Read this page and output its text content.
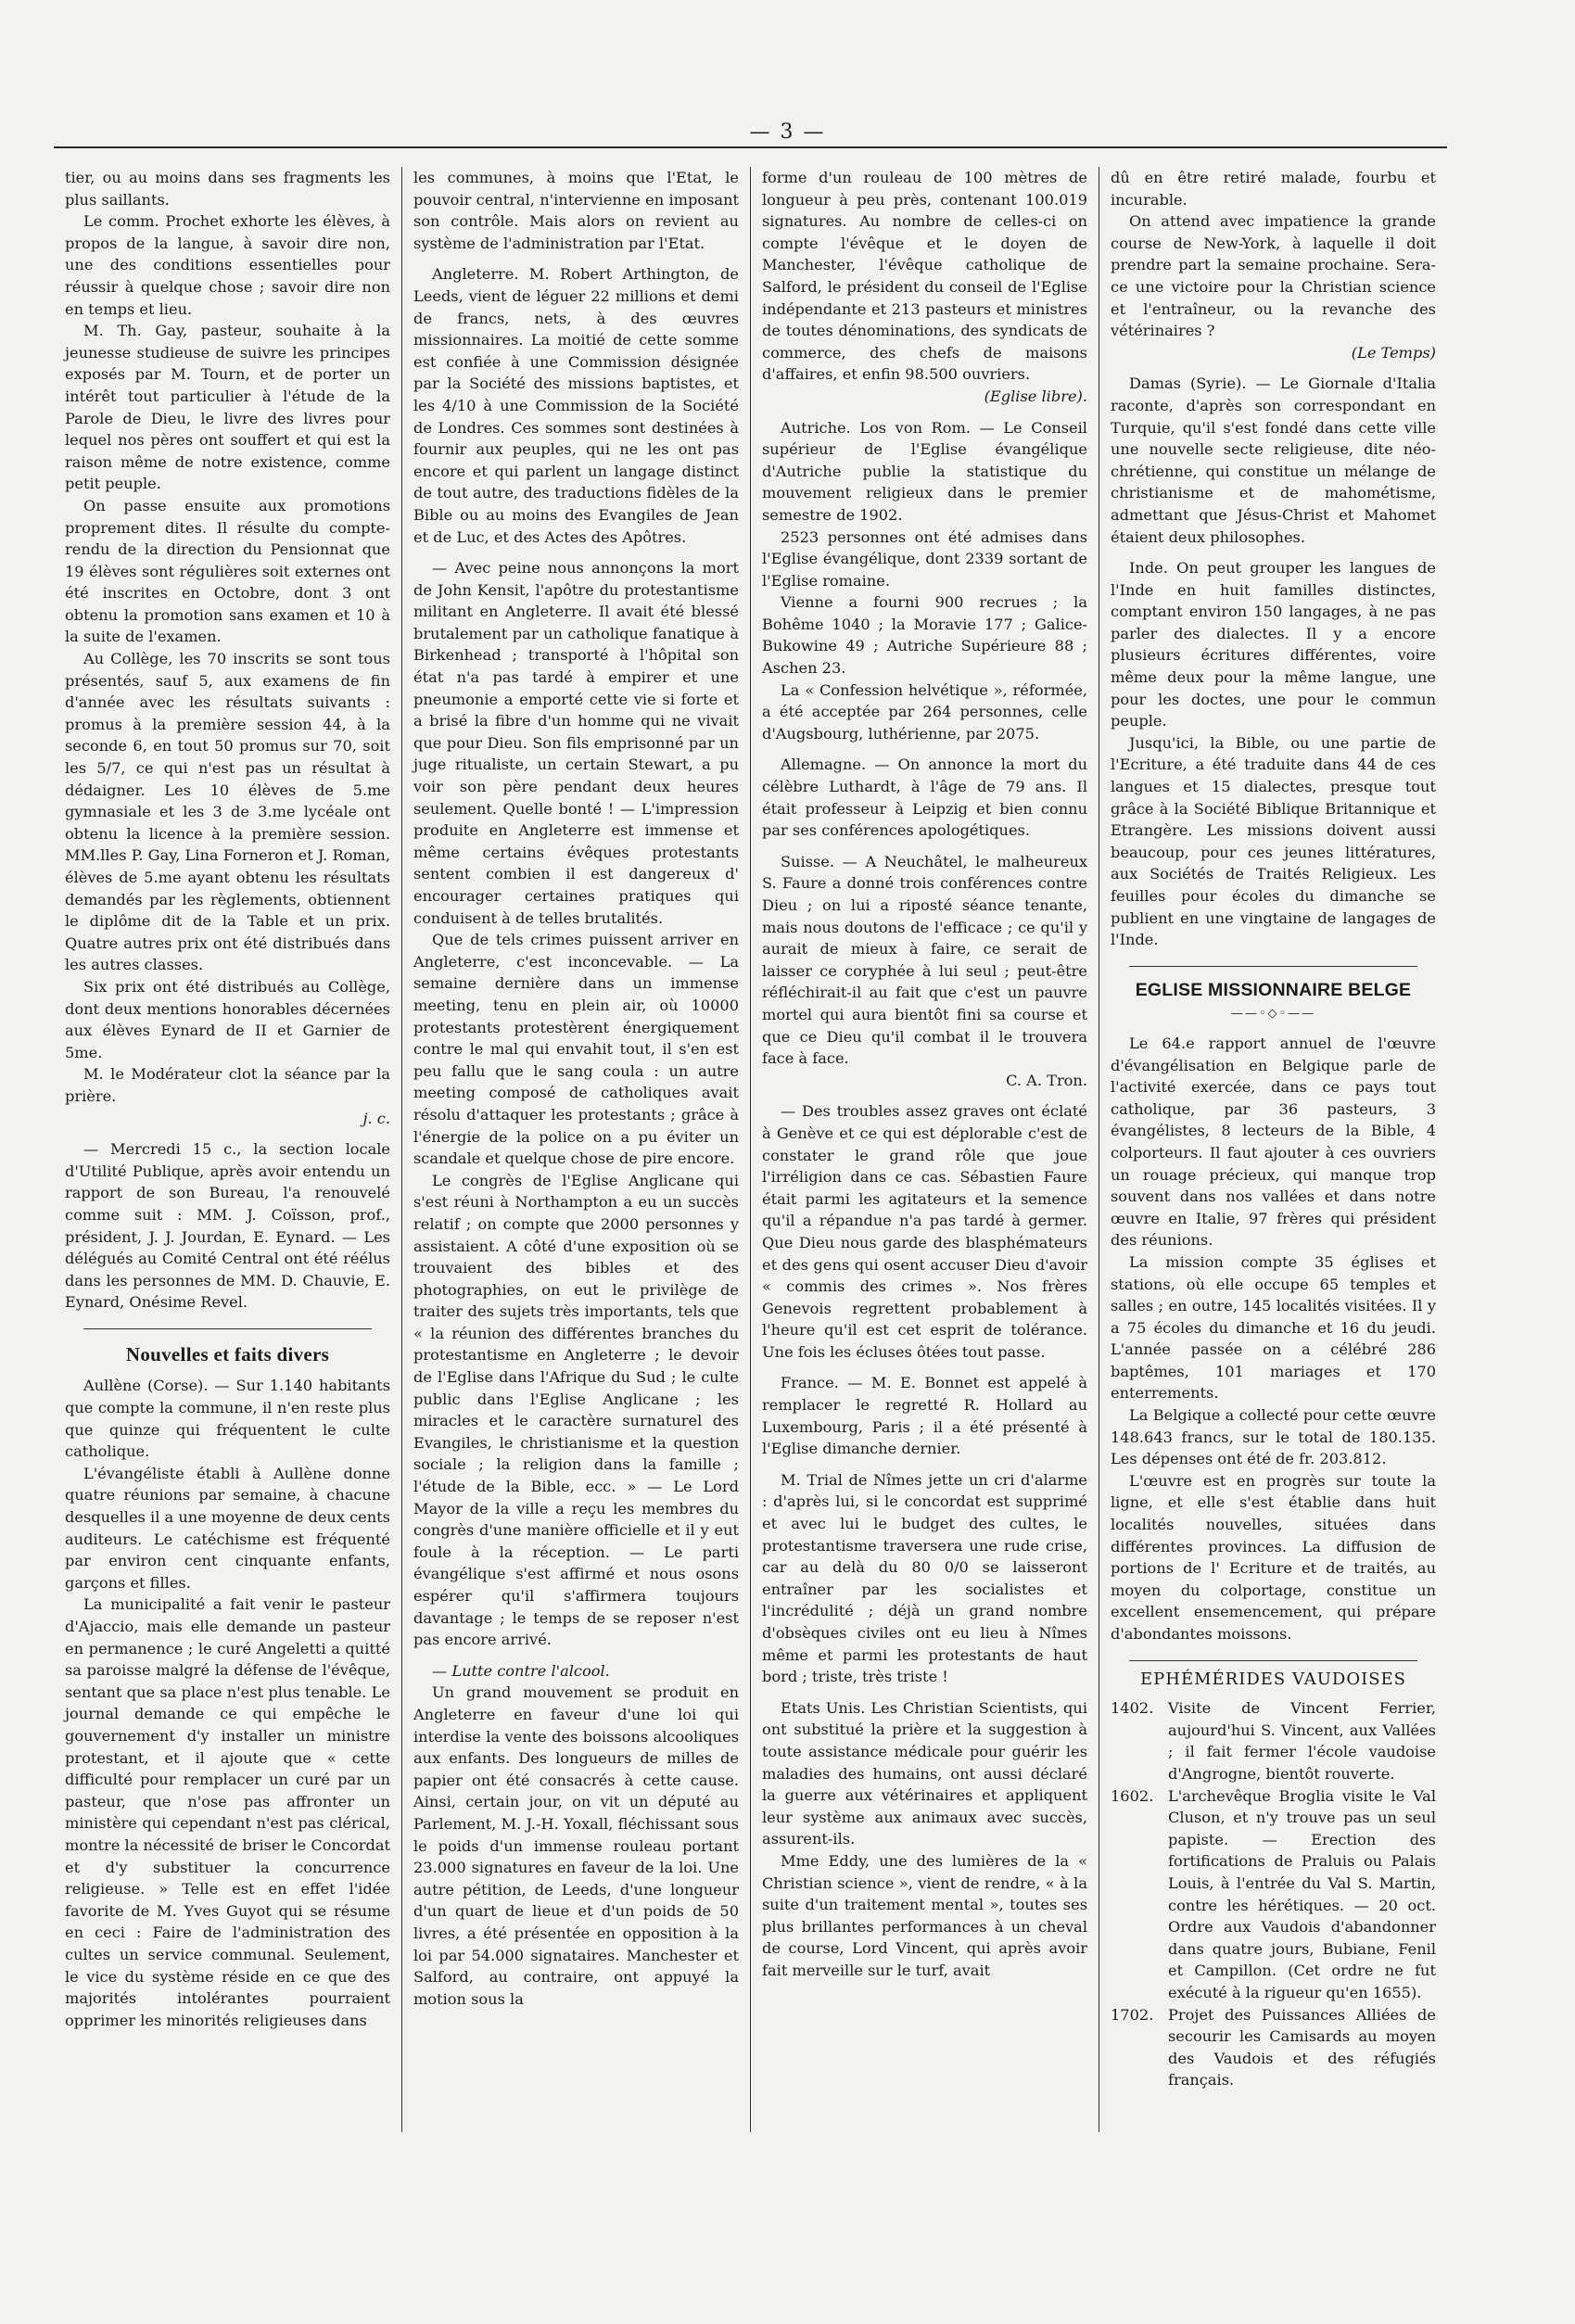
— 3 —

tier, ou au moins dans ses fragments les plus saillants.

Le comm. Prochet exhorte les élèves, à propos de la langue, à savoir dire non, une des conditions essentielles pour réussir à quelque chose ; savoir dire non en temps et lieu.

M. Th. Gay, pasteur, souhaite à la jeunesse studieuse de suivre les principes exposés par M. Tourn, et de porter un intérêt tout particulier à l'étude de la Parole de Dieu, le livre des livres pour lequel nos pères ont souffert et qui est la raison même de notre existence, comme petit peuple.

On passe ensuite aux promotions proprement dites. Il résulte du compte-rendu de la direction du Pensionnat que 19 élèves sont régulières soit externes ont été inscrites en Octobre, dont 3 ont obtenu la promotion sans examen et 10 à la suite de l'examen.

Au Collège, les 70 inscrits se sont tous présentés, sauf 5, aux examens de fin d'année avec les résultats suivants : promus à la première session 44, à la seconde 6, en tout 50 promus sur 70, soit les 5/7, ce qui n'est pas un résultat à dédaigner. Les 10 élèves de 5.me gymnasiale et les 3 de 3.me lycéale ont obtenu la licence à la première session. MM.lles P. Gay, Lina Forneron et J. Roman, élèves de 5.me ayant obtenu les résultats demandés par les règlements, obtiennent le diplôme dit de la Table et un prix. Quatre autres prix ont été distribués dans les autres classes.

Six prix ont été distribués au Collège, dont deux mentions honorables décernées aux élèves Eynard de II et Garnier de 5me.

M. le Modérateur clot la séance par la prière.

j. c.

— Mercredi 15 c., la section locale d'Utilité Publique, après avoir entendu un rapport de son Bureau, l'a renouvelé comme suit : MM. J. Coïsson, prof., président, J. J. Jourdan, E. Eynard. — Les délégués au Comité Central ont été réélus dans les personnes de MM. D. Chauvie, E. Eynard, Onésime Revel.

Nouvelles et faits divers

Aullène (Corse). — Sur 1.140 habitants que compte la commune, il n'en reste plus que quinze qui fréquentent le culte catholique.

L'évangéliste établi à Aullène donne quatre réunions par semaine, à chacune desquelles il a une moyenne de deux cents auditeurs. Le catéchisme est fréquenté par environ cent cinquante enfants, garçons et filles.

La municipalité a fait venir le pasteur d'Ajaccio, mais elle demande un pasteur en permanence ; le curé Angeletti a quitté sa paroisse malgré la défense de l'évêque, sentant que sa place n'est plus tenable. Le journal demande ce qui empêche le gouvernement d'y installer un ministre protestant, et il ajoute que « cette difficulté pour remplacer un curé par un pasteur, que n'ose pas affronter un ministère qui cependant n'est pas clérical, montre la nécessité de briser le Concordat et d'y substituer la concurrence religieuse. » Telle est en effet l'idée favorite de M. Yves Guyot qui se résume en ceci : Faire de l'administration des cultes un service communal. Seulement, le vice du système réside en ce que des majorités intolérantes pourraient opprimer les minorités religieuses dans

les communes, à moins que l'Etat, le pouvoir central, n'intervienne en imposant son contrôle. Mais alors on revient au système de l'administration par l'Etat.

Angleterre. M. Robert Arthington, de Leeds, vient de léguer 22 millions et demi de francs, nets, à des œuvres missionnaires. La moitié de cette somme est confiée à une Commission désignée par la Société des missions baptistes, et les 4/10 à une Commission de la Société de Londres. Ces sommes sont destinées à fournir aux peuples, qui ne les ont pas encore et qui parlent un langage distinct de tout autre, des traductions fidèles de la Bible ou au moins des Evangiles de Jean et de Luc, et des Actes des Apôtres.

— Avec peine nous annonçons la mort de John Kensit, l'apôtre du protestantisme militant en Angleterre. Il avait été blessé brutalement par un catholique fanatique à Birkenhead ; transporté à l'hôpital son état n'a pas tardé à empirer et une pneumonie a emporté cette vie si forte et a brisé la fibre d'un homme qui ne vivait que pour Dieu. Son fils emprisonné par un juge ritualiste, un certain Stewart, a pu voir son père pendant deux heures seulement. Quelle bonté ! — L'impression produite en Angleterre est immense et même certains évêques protestants sentent combien il est dangereux d' encourager certaines pratiques qui conduisent à de telles brutalités.

Que de tels crimes puissent arriver en Angleterre, c'est inconcevable. — La semaine dernière dans un immense meeting, tenu en plein air, où 10000 protestants protestèrent énergiquement contre le mal qui envahit tout, il s'en est peu fallu que le sang coula : un autre meeting composé de catholiques avait résolu d'attaquer les protestants ; grâce à l'énergie de la police on a pu éviter un scandale et quelque chose de pire encore.

Le congrès de l'Eglise Anglicane qui s'est réuni à Northampton a eu un succès relatif ; on compte que 2000 personnes y assistaient. A côté d'une exposition où se trouvaient des bibles et des photographies, on eut le privilège de traiter des sujets très importants, tels que « la réunion des différentes branches du protestantisme en Angleterre ; le devoir de l'Eglise dans l'Afrique du Sud ; le culte public dans l'Eglise Anglicane ; les miracles et le caractère surnaturel des Evangiles, le christianisme et la question sociale ; la religion dans la famille ; l'étude de la Bible, ecc. » — Le Lord Mayor de la ville a reçu les membres du congrès d'une manière officielle et il y eut foule à la réception. — Le parti évangélique s'est affirmé et nous osons espérer qu'il s'affirmera toujours davantage ; le temps de se reposer n'est pas encore arrivé.

— Lutte contre l'alcool.

Un grand mouvement se produit en Angleterre en faveur d'une loi qui interdise la vente des boissons alcooliques aux enfants. Des longueurs de milles de papier ont été consacrés à cette cause. Ainsi, certain jour, on vit un député au Parlement, M. J.-H. Yoxall, fléchissant sous le poids d'un immense rouleau portant 23.000 signatures en faveur de la loi. Une autre pétition, de Leeds, d'une longueur d'un quart de lieue et d'un poids de 50 livres, a été présentée en opposition à la loi par 54.000 signataires. Manchester et Salford, au contraire, ont appuyé la motion sous la

forme d'un rouleau de 100 mètres de longueur à peu près, contenant 100.019 signatures. Au nombre de celles-ci on compte l'évêque et le doyen de Manchester, l'évêque catholique de Salford, le président du conseil de l'Eglise indépendante et 213 pasteurs et ministres de toutes dénominations, des syndicats de commerce, des chefs de maisons d'affaires, et enfin 98.500 ouvriers.

(Eglise libre).

Autriche. Los von Rom. — Le Conseil supérieur de l'Eglise évangélique d'Autriche publie la statistique du mouvement religieux dans le premier semestre de 1902.

2523 personnes ont été admises dans l'Eglise évangélique, dont 2339 sortant de l'Eglise romaine.

Vienne a fourni 900 recrues ; la Bohême 1040 ; la Moravie 177 ; Galice-Bukowine 49 ; Autriche Supérieure 88 ; Aschen 23.

La « Confession helvétique », réformée, a été acceptée par 264 personnes, celle d'Augsbourg, luthérienne, par 2075.

Allemagne. — On annonce la mort du célèbre Luthardt, à l'âge de 79 ans. Il était professeur à Leipzig et bien connu par ses conférences apologétiques.

Suisse. — A Neuchâtel, le malheureux S. Faure a donné trois conférences contre Dieu ; on lui a riposté séance tenante, mais nous doutons de l'efficace ; ce qu'il y aurait de mieux à faire, ce serait de laisser ce coryphée à lui seul ; peut-être réfléchirait-il au fait que c'est un pauvre mortel qui aura bientôt fini sa course et que ce Dieu qu'il combat il le trouvera face à face.

C. A. Tron.

— Des troubles assez graves ont éclaté à Genève et ce qui est déplorable c'est de constater le grand rôle que joue l'irréligion dans ce cas. Sébastien Faure était parmi les agitateurs et la semence qu'il a répandue n'a pas tardé à germer. Que Dieu nous garde des blasphémateurs et des gens qui osent accuser Dieu d'avoir « commis des crimes ». Nos frères Genevois regrettent probablement à l'heure qu'il est cet esprit de tolérance. Une fois les écluses ôtées tout passe.

France. — M. E. Bonnet est appelé à remplacer le regretté R. Hollard au Luxembourg, Paris ; il a été présenté à l'Eglise dimanche dernier.

M. Trial de Nîmes jette un cri d'alarme : d'après lui, si le concordat est supprimé et avec lui le budget des cultes, le protestantisme traversera une rude crise, car au delà du 80 0/0 se laisseront entraîner par les socialistes et l'incrédulité ; déjà un grand nombre d'obsèques civiles ont eu lieu à Nîmes même et parmi les protestants de haut bord ; triste, très triste !

Etats Unis. Les Christian Scientists, qui ont substitué la prière et la suggestion à toute assistance médicale pour guérir les maladies des humains, ont aussi déclaré la guerre aux vétérinaires et appliquent leur système aux animaux avec succès, assurent-ils.

Mme Eddy, une des lumières de la « Christian science », vient de rendre, « à la suite d'un traitement mental », toutes ses plus brillantes performances à un cheval de course, Lord Vincent, qui après avoir fait merveille sur le turf, avait

dû en être retiré malade, fourbu et incurable.

On attend avec impatience la grande course de New-York, à laquelle il doit prendre part la semaine prochaine. Sera-ce une victoire pour la Christian science et l'entraîneur, ou la revanche des vétérinaires ?

(Le Temps)

Damas (Syrie). — Le Giornale d'Italia raconte, d'après son correspondant en Turquie, qu'il s'est fondé dans cette ville une nouvelle secte religieuse, dite néo-chrétienne, qui constitue un mélange de christianisme et de mahométisme, admettant que Jésus-Christ et Mahomet étaient deux philosophes.

Inde. On peut grouper les langues de l'Inde en huit familles distinctes, comptant environ 150 langages, à ne pas parler des dialectes. Il y a encore plusieurs écritures différentes, voire même deux pour la même langue, une pour les doctes, une pour le commun peuple.

Jusqu'ici, la Bible, ou une partie de l'Ecriture, a été traduite dans 44 de ces langues et 15 dialectes, presque tout grâce à la Société Biblique Britannique et Etrangère. Les missions doivent aussi beaucoup, pour ces jeunes littératures, aux Sociétés de Traités Religieux. Les feuilles pour écoles du dimanche se publient en une vingtaine de langages de l'Inde.

EGLISE MISSIONNAIRE BELGE
——◦◇◦——

Le 64.e rapport annuel de l'œuvre d'évangélisation en Belgique parle de l'activité exercée, dans ce pays tout catholique, par 36 pasteurs, 3 évangélistes, 8 lecteurs de la Bible, 4 colporteurs. Il faut ajouter à ces ouvriers un rouage précieux, qui manque trop souvent dans nos vallées et dans notre œuvre en Italie, 97 frères qui président des réunions.

La mission compte 35 églises et stations, où elle occupe 65 temples et salles ; en outre, 145 localités visitées. Il y a 75 écoles du dimanche et 16 du jeudi. L'année passée on a célébré 286 baptêmes, 101 mariages et 170 enterrements.

La Belgique a collecté pour cette œuvre 148.643 francs, sur le total de 180.135. Les dépenses ont été de fr. 203.812.

L'œuvre est en progrès sur toute la ligne, et elle s'est établie dans huit localités nouvelles, situées dans différentes provinces. La diffusion de portions de l' Ecriture et de traités, au moyen du colportage, constitue un excellent ensemencement, qui prépare d'abondantes moissons.

EPHÉMÉRIDES VAUDOISES

1402. Visite de Vincent Ferrier, aujourd'hui S. Vincent, aux Vallées ; il fait fermer l'école vaudoise d'Angrogne, bientôt rouverte.

1602. L'archevêque Broglia visite le Val Cluson, et n'y trouve pas un seul papiste. — Erection des fortifications de Praluis ou Palais Louis, à l'entrée du Val S. Martin, contre les hérétiques. — 20 oct. Ordre aux Vaudois d'abandonner dans quatre jours, Bubiane, Fenil et Campillon. (Cet ordre ne fut exécuté à la rigueur qu'en 1655).

1702. Projet des Puissances Alliées de secourir les Camisards au moyen des Vaudois et des réfugiés français.
